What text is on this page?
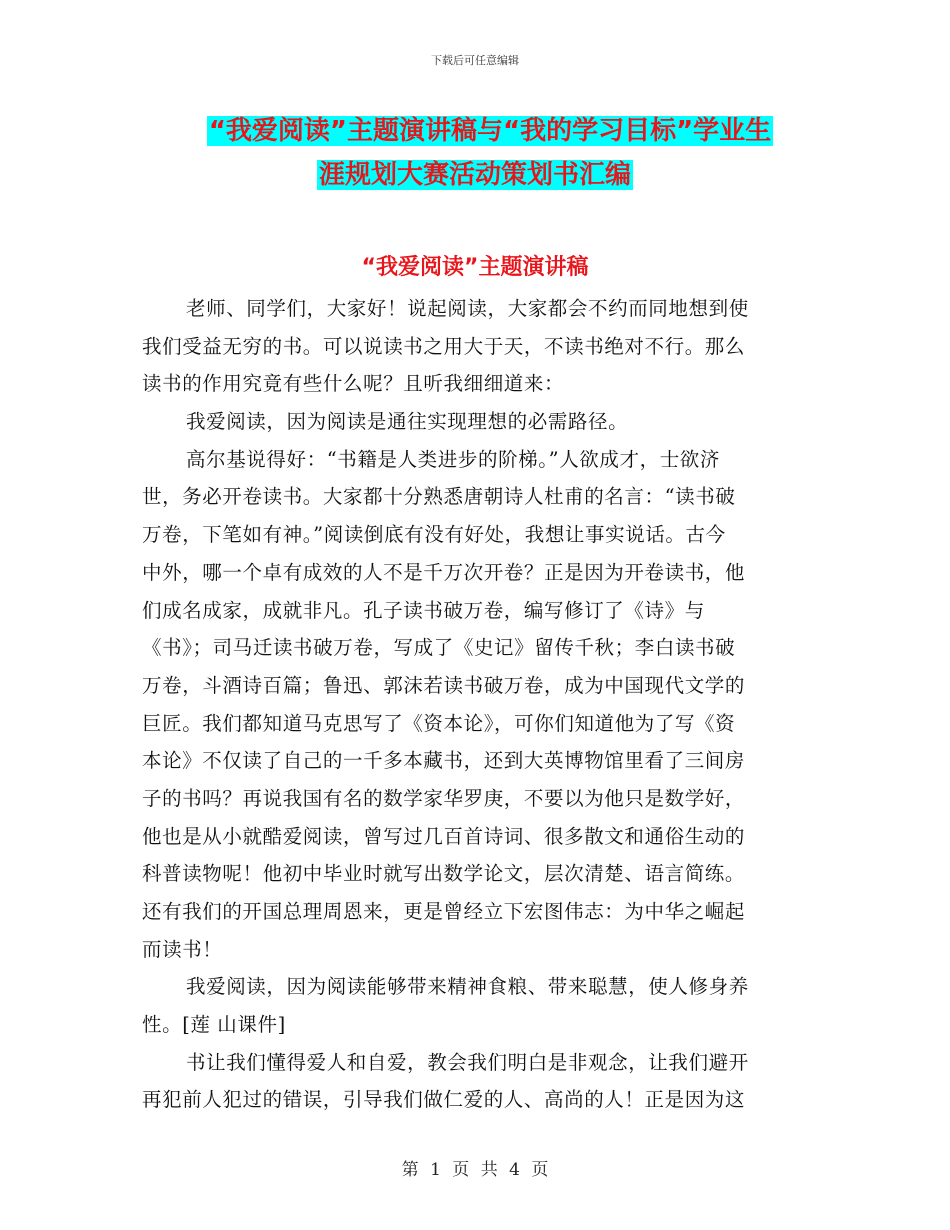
下载后可任意编辑
“我爱阅读”主题演讲稿与“我的学习目标”学业生
涯规划大赛活动策划书汇编
“我爱阅读”主题演讲稿
老师、同学们，大家好！说起阅读，大家都会不约而同地想到使
我们受益无穷的书。可以说读书之用大于天，不读书绝对不行。那么
读书的作用究竟有些什么呢？且听我细细道来：
我爱阅读，因为阅读是通往实现理想的必需路径。
高尔基说得好：“书籍是人类进步的阶梯。”人欲成才，士欲济
世，务必开卷读书。大家都十分熟悉唐朝诗人杜甫的名言：“读书破
万卷，下笔如有神。”阅读倒底有没有好处，我想让事实说话。古今
中外，哪一个卓有成效的人不是千万次开卷？正是因为开卷读书，他
们成名成家，成就非凡。孔子读书破万卷，编写修订了《诗》与
《书》；司马迁读书破万卷，写成了《史记》留传千秋；李白读书破
万卷，斗酒诗百篇；鲁迅、郭沫若读书破万卷，成为中国现代文学的
巨匠。我们都知道马克思写了《资本论》，可你们知道他为了写《资
本论》不仅读了自己的一千多本藏书，还到大英博物馆里看了三间房
子的书吗？再说我国有名的数学家华罗庚，不要以为他只是数学好，
他也是从小就酷爱阅读，曾写过几百首诗词、很多散文和通俗生动的
科普读物呢！他初中毕业时就写出数学论文，层次清楚、语言简练。
还有我们的开国总理周恩来，更是曾经立下宏图伟志：为中华之崛起
而读书！
我爱阅读，因为阅读能够带来精神食粮、带来聪慧，使人修身养
性。[莲 山课件]
书让我们懂得爱人和自爱，教会我们明白是非观念，让我们避开
再犯前人犯过的错误，引导我们做仁爱的人、高尚的人！正是因为这
第 1 页 共 4 页
